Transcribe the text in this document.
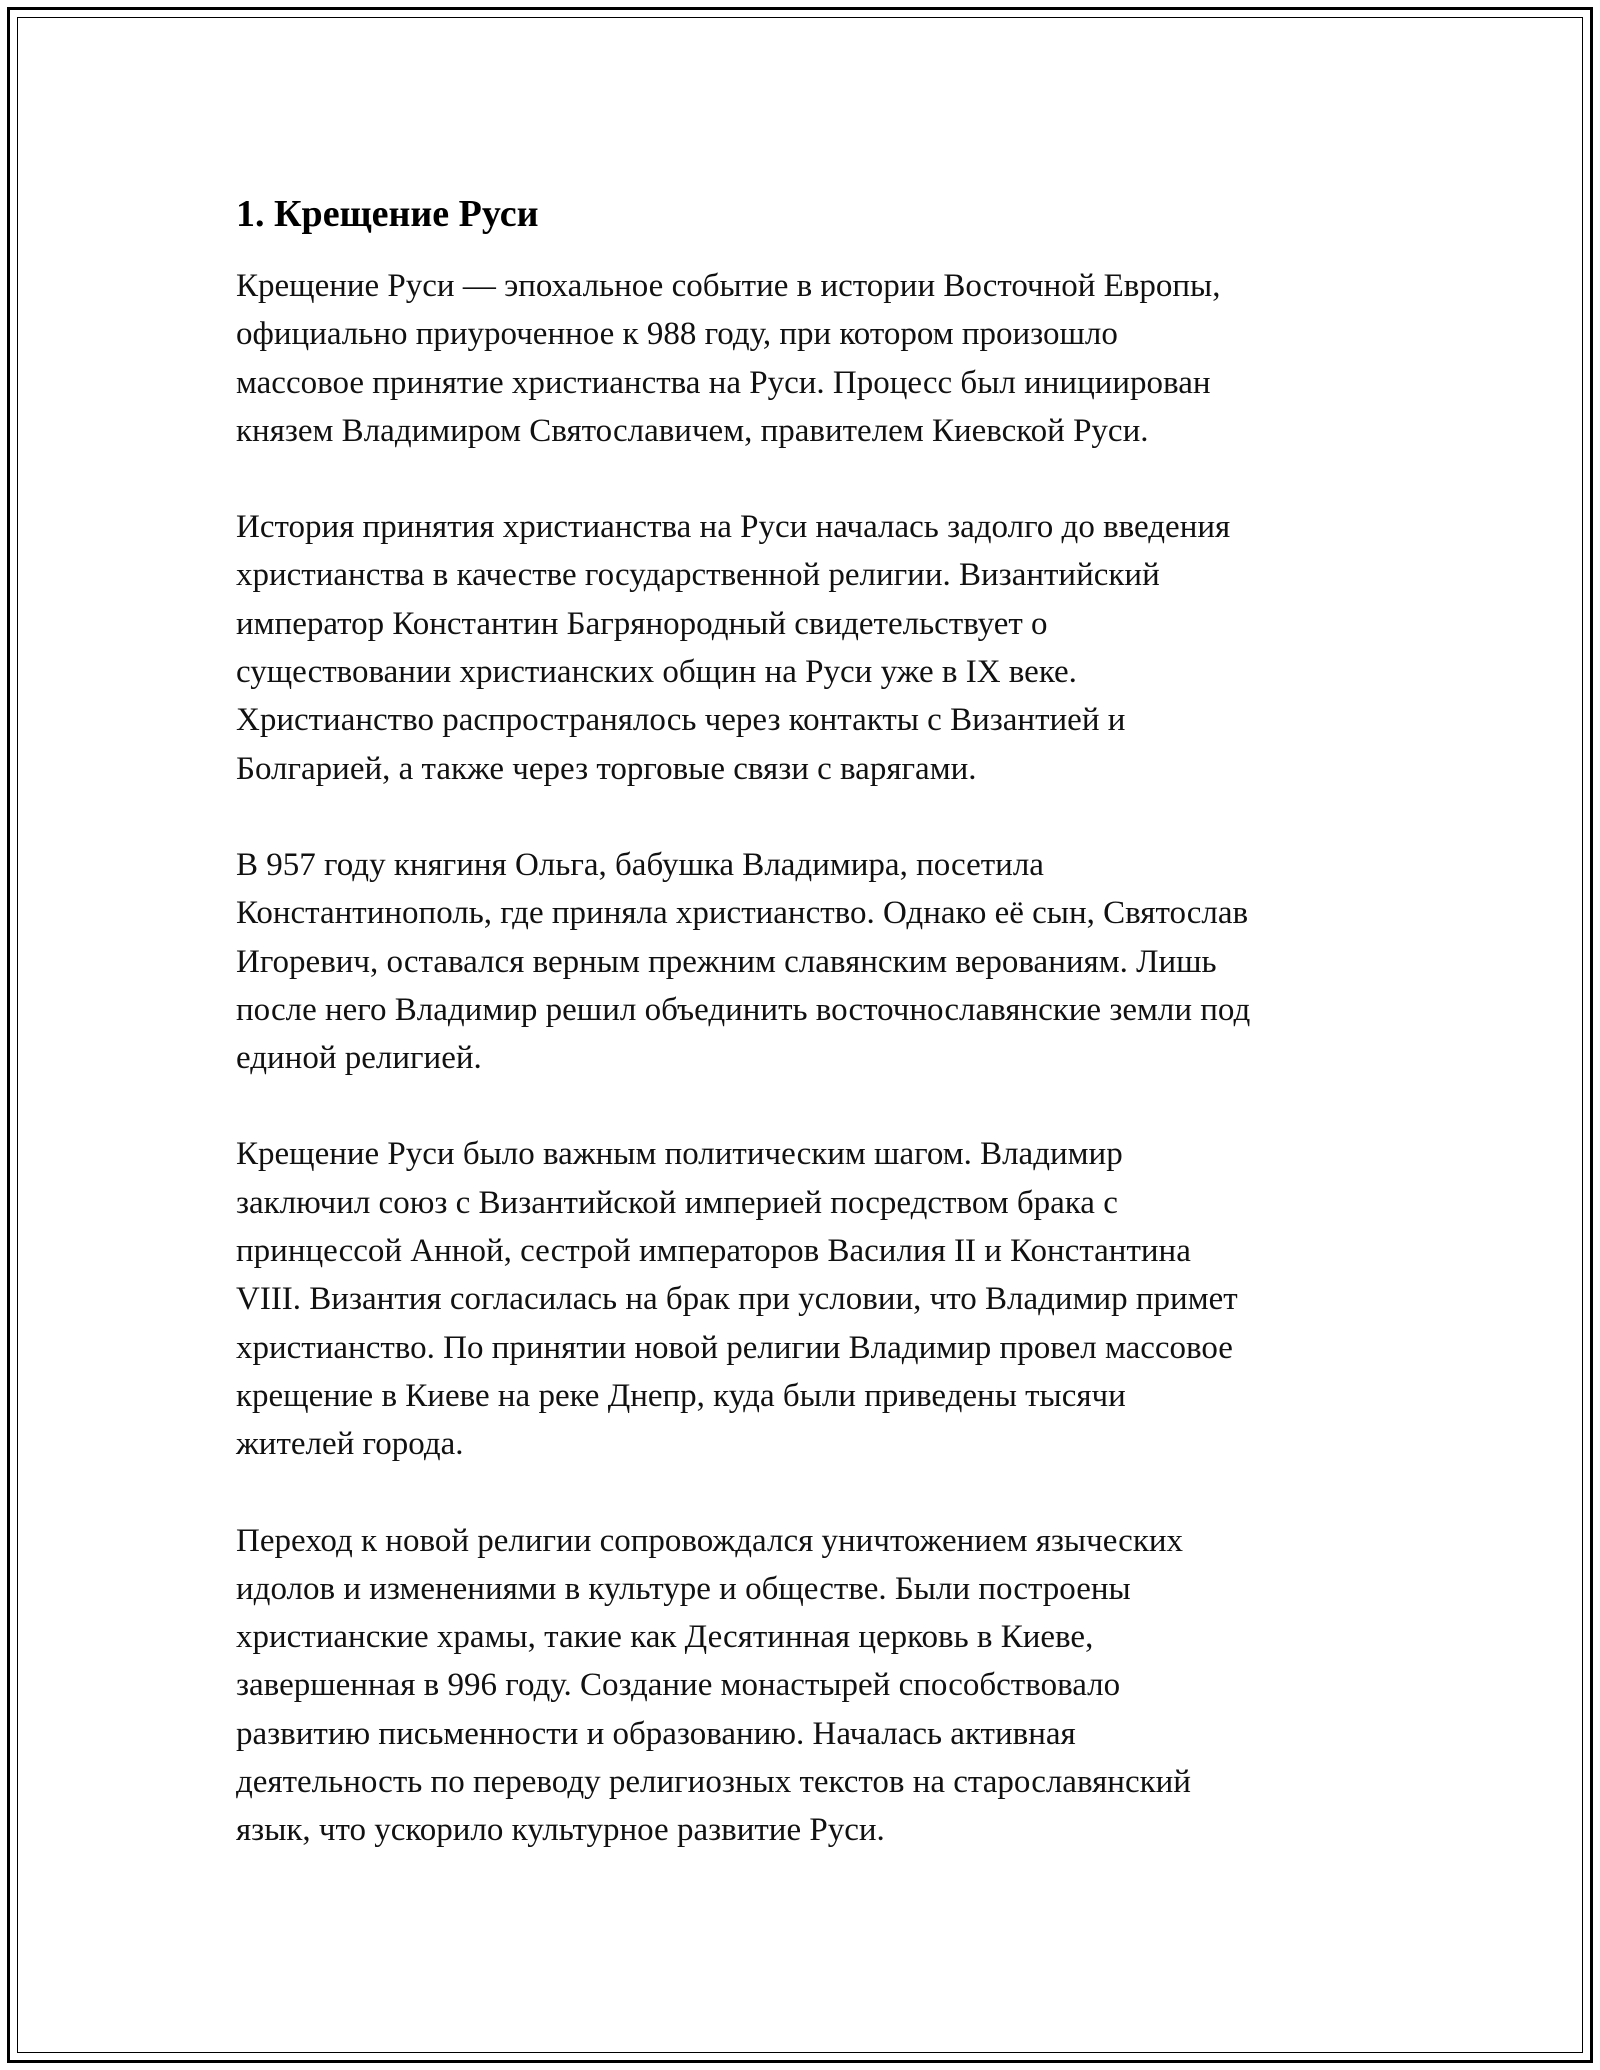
1. Крещение Руси

Крещение Руси — эпохальное событие в истории Восточной Европы,
официально приуроченное к 988 году, при котором произошло
массовое принятие христианства на Руси. Процесс был инициирован
князем Владимиром Святославичем, правителем Киевской Руси.

История принятия христианства на Руси началась задолго до введения
христианства в качестве государственной религии. Византийский
император Константин Багрянородный свидетельствует о
существовании христианских общин на Руси уже в IX веке.
Христианство распространялось через контакты с Византией и
Болгарией, а также через торговые связи с варягами.

В 957 году княгиня Ольга, бабушка Владимира, посетила
Константинополь, где приняла христианство. Однако её сын, Святослав
Игоревич, оставался верным прежним славянским верованиям. Лишь
после него Владимир решил объединить восточнославянские земли под
единой религией.

Крещение Руси было важным политическим шагом. Владимир
заключил союз с Византийской империей посредством брака с
принцессой Анной, сестрой императоров Василия II и Константина
VIII. Византия согласилась на брак при условии, что Владимир примет
христианство. По принятии новой религии Владимир провел массовое
крещение в Киеве на реке Днепр, куда были приведены тысячи
жителей города.

Переход к новой религии сопровождался уничтожением языческих
идолов и изменениями в культуре и обществе. Были построены
христианские храмы, такие как Десятинная церковь в Киеве,
завершенная в 996 году. Создание монастырей способствовало
развитию письменности и образованию. Началась активная
деятельность по переводу религиозных текстов на старославянский
язык, что ускорило культурное развитие Руси.
